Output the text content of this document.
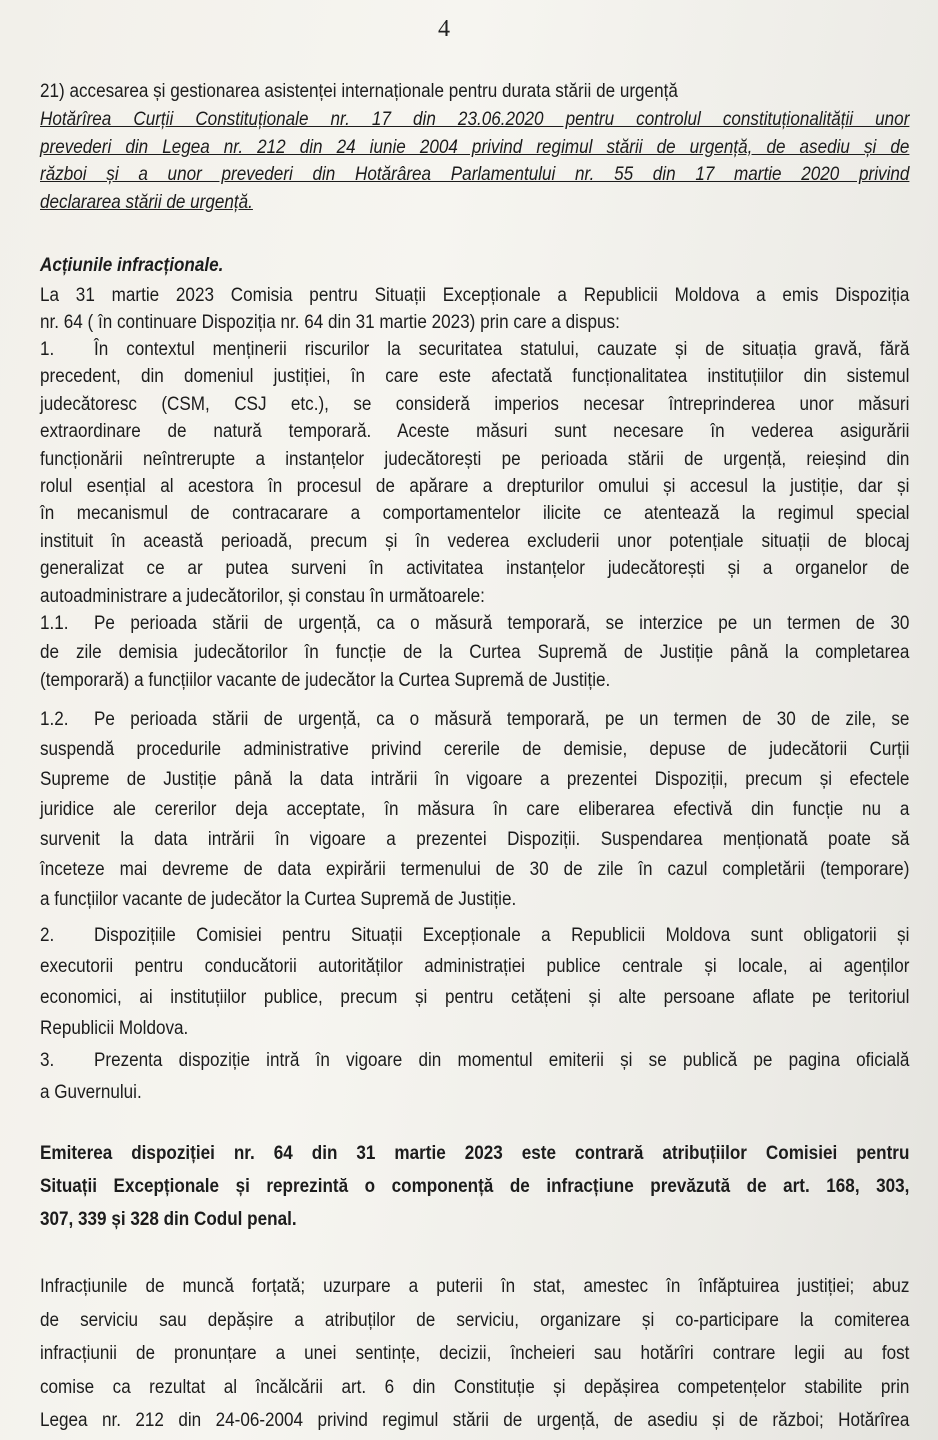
4
21) accesarea și gestionarea asistenței internaționale pentru durata stării de urgență
Hotărîrea Curții Constituționale nr. 17 din 23.06.2020 pentru controlul constituționalității unor
prevederi din Legea nr. 212 din 24 iunie 2004 privind regimul stării de urgență, de asediu și de
război și a unor prevederi din Hotărârea Parlamentului nr. 55 din 17 martie 2020 privind
declararea stării de urgență.
Acțiunile infracționale.
La 31 martie 2023 Comisia pentru Situații Excepționale a Republicii Moldova a emis Dispoziția
nr. 64 ( în continuare Dispoziția nr. 64 din 31 martie 2023) prin care a dispus:
1. În contextul menținerii riscurilor la securitatea statului, cauzate și de situația gravă, fără
precedent, din domeniul justiției, în care este afectată funcționalitatea instituțiilor din sistemul
judecătoresc (CSM, CSJ etc.), se consideră imperios necesar întreprinderea unor măsuri
extraordinare de natură temporară. Aceste măsuri sunt necesare în vederea asigurării
funcționării neîntrerupte a instanțelor judecătorești pe perioada stării de urgență, reieșind din
rolul esențial al acestora în procesul de apărare a drepturilor omului și accesul la justiție, dar și
în mecanismul de contracarare a comportamentelor ilicite ce atentează la regimul special
instituit în această perioadă, precum și în vederea excluderii unor potențiale situații de blocaj
generalizat ce ar putea surveni în activitatea instanțelor judecătorești și a organelor de
autoadministrare a judecătorilor, și constau în următoarele:
1.1. Pe perioada stării de urgență, ca o măsură temporară, se interzice pe un termen de 30
de zile demisia judecătorilor în funcție de la Curtea Supremă de Justiție până la completarea
(temporară) a funcțiilor vacante de judecător la Curtea Supremă de Justiție.
1.2. Pe perioada stării de urgență, ca o măsură temporară, pe un termen de 30 de zile, se
suspendă procedurile administrative privind cererile de demisie, depuse de judecătorii Curții
Supreme de Justiție până la data intrării în vigoare a prezentei Dispoziții, precum și efectele
juridice ale cererilor deja acceptate, în măsura în care eliberarea efectivă din funcție nu a
survenit la data intrării în vigoare a prezentei Dispoziții. Suspendarea menționată poate să
înceteze mai devreme de data expirării termenului de 30 de zile în cazul completării (temporare)
a funcțiilor vacante de judecător la Curtea Supremă de Justiție.
2. Dispozițiile Comisiei pentru Situații Excepționale a Republicii Moldova sunt obligatorii și
executorii pentru conducătorii autorităților administrației publice centrale și locale, ai agenților
economici, ai instituțiilor publice, precum și pentru cetățeni și alte persoane aflate pe teritoriul
Republicii Moldova.
3. Prezenta dispoziție intră în vigoare din momentul emiterii și se publică pe pagina oficială
a Guvernului.
Emiterea dispoziției nr. 64 din 31 martie 2023 este contrară atribuțiilor Comisiei pentru
Situații Excepționale și reprezintă o componență de infracțiune prevăzută de art. 168, 303,
307, 339 și 328 din Codul penal.
Infracțiunile de muncă forțată; uzurpare a puterii în stat, amestec în înfăptuirea justiției; abuz
de serviciu sau depășire a atribuților de serviciu, organizare și co-participare la comiterea
infracțiunii de pronunțare a unei sentințe, decizii, încheieri sau hotărîri contrare legii au fost
comise ca rezultat al încălcării art. 6 din Constituție și depășirea competențelor stabilite prin
Legea nr. 212 din 24-06-2004 privind regimul stării de urgență, de asediu și de război; Hotărîrea
